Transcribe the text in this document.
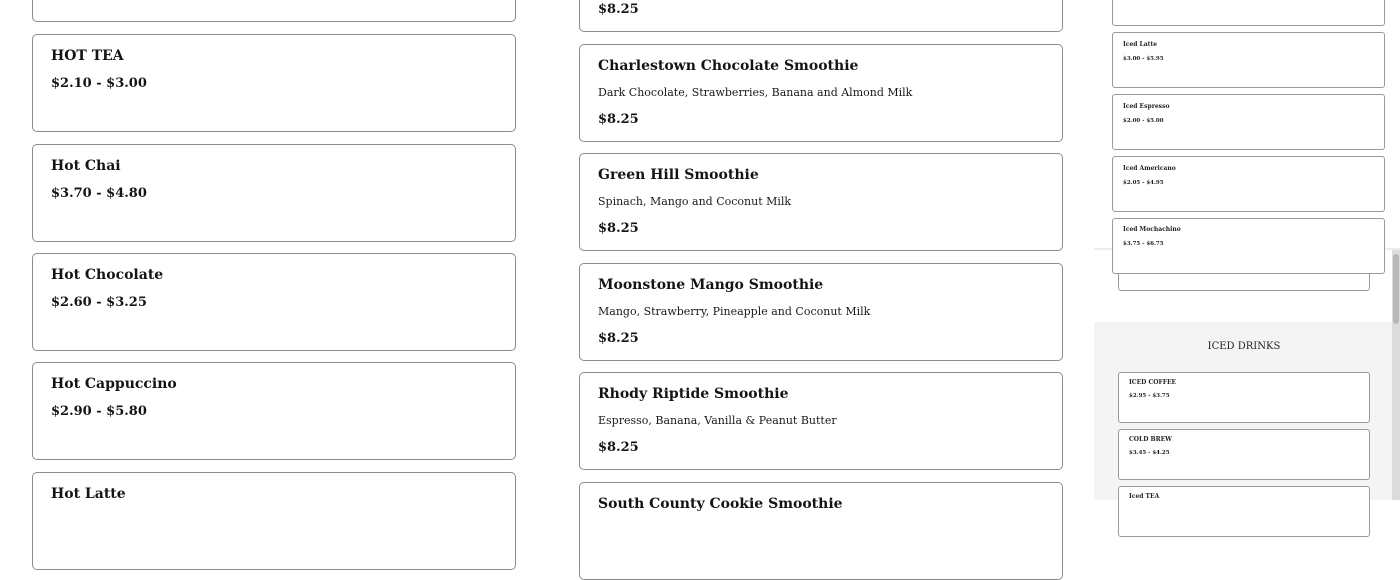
HOT TEA
$2.10 - $3.00
Hot Chai
$3.70 - $4.80
Hot Chocolate
$2.60 - $3.25
Hot Cappuccino
$2.90 - $5.80
Hot Latte
$8.25
Charlestown Chocolate Smoothie
Dark Chocolate, Strawberries, Banana and Almond Milk
$8.25
Green Hill Smoothie
Spinach, Mango and Coconut Milk
$8.25
Moonstone Mango Smoothie
Mango, Strawberry, Pineapple and Coconut Milk
$8.25
Rhody Riptide Smoothie
Espresso, Banana, Vanilla & Peanut Butter
$8.25
South County Cookie Smoothie
ICED DRINKS
ICED COFFEE
$2.95 - $3.75
COLD BREW
$3.45 - $4.25
Iced TEA
Iced Latte
$3.00 - $5.95
Iced Espresso
$2.00 - $5.00
Iced Americano
$2.05 - $4.95
Iced Mochachino
$3.75 - $6.75
